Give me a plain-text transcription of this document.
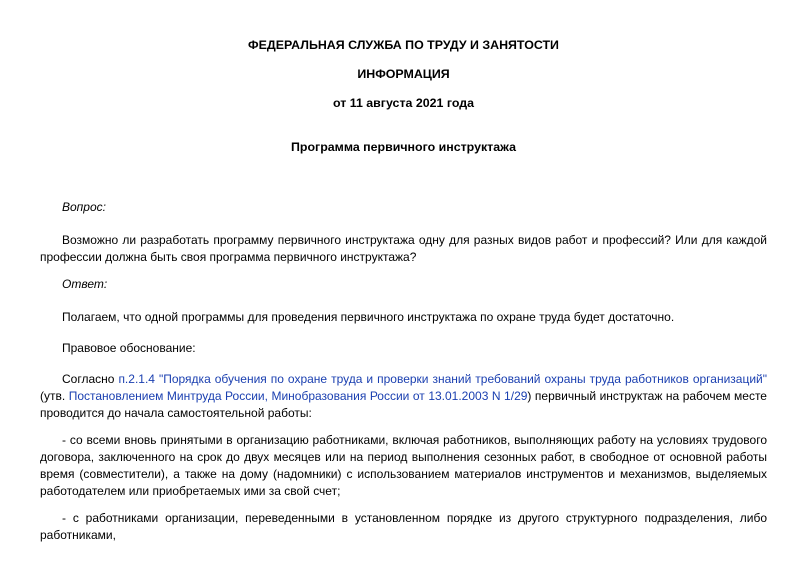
ФЕДЕРАЛЬНАЯ СЛУЖБА ПО ТРУДУ И ЗАНЯТОСТИ

ИНФОРМАЦИЯ

от 11 августа 2021 года

Программа первичного инструктажа

Вопрос:

Возможно ли разработать программу первичного инструктажа одну для разных видов работ и профессий? Или для каждой профессии должна быть своя программа первичного инструктажа?

Ответ:

Полагаем, что одной программы для проведения первичного инструктажа по охране труда будет достаточно.

Правовое обоснование:

Согласно п.2.1.4 "Порядка обучения по охране труда и проверки знаний требований охраны труда работников организаций" (утв. Постановлением Минтруда России, Минобразования России от 13.01.2003 N 1/29) первичный инструктаж на рабочем месте проводится до начала самостоятельной работы:

- со всеми вновь принятыми в организацию работниками, включая работников, выполняющих работу на условиях трудового договора, заключенного на срок до двух месяцев или на период выполнения сезонных работ, в свободное от основной работы время (совместители), а также на дому (надомники) с использованием материалов инструментов и механизмов, выделяемых работодателем или приобретаемых ими за свой счет;

- с работниками организации, переведенными в установленном порядке из другого структурного подразделения, либо работниками,
